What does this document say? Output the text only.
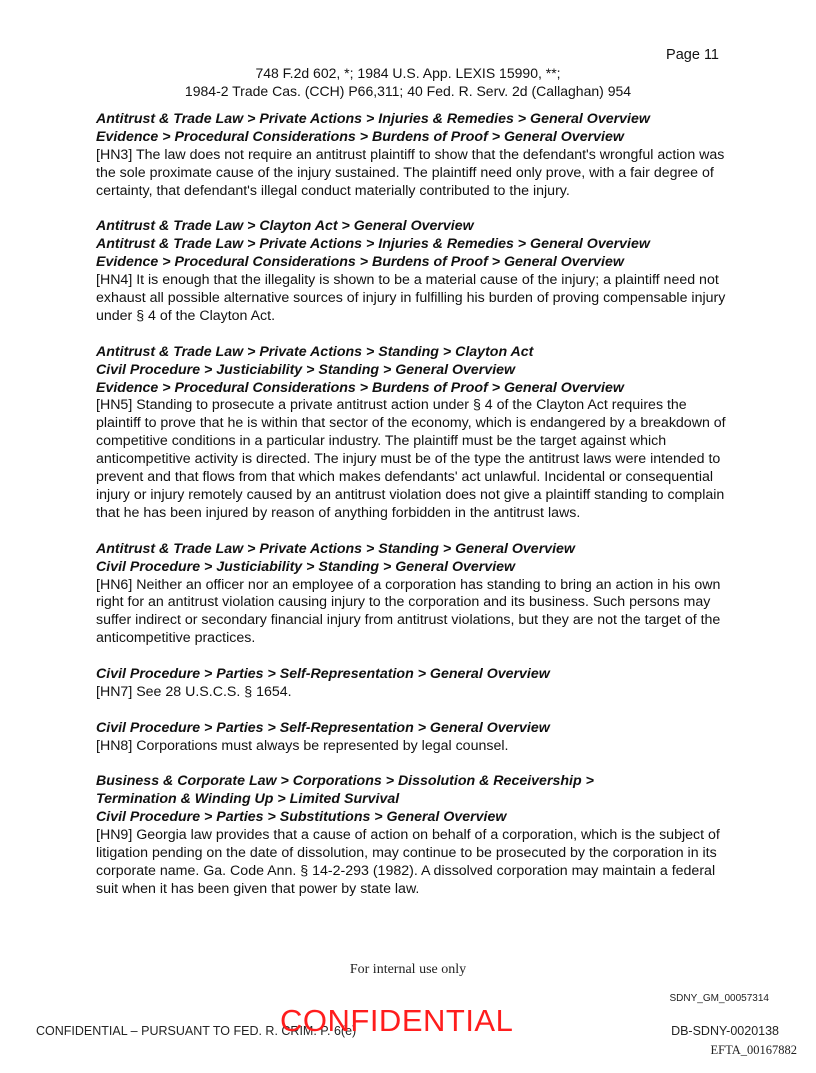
Page 11
748 F.2d 602, *; 1984 U.S. App. LEXIS 15990, **;
1984-2 Trade Cas. (CCH) P66,311; 40 Fed. R. Serv. 2d (Callaghan) 954
Antitrust & Trade Law > Private Actions > Injuries & Remedies > General Overview
Evidence > Procedural Considerations > Burdens of Proof > General Overview

[HN3] The law does not require an antitrust plaintiff to show that the defendant's wrongful action was the sole proximate cause of the injury sustained. The plaintiff need only prove, with a fair degree of certainty, that defendant's illegal conduct materially contributed to the injury.

Antitrust & Trade Law > Clayton Act > General Overview
Antitrust & Trade Law > Private Actions > Injuries & Remedies > General Overview
Evidence > Procedural Considerations > Burdens of Proof > General Overview

[HN4] It is enough that the illegality is shown to be a material cause of the injury; a plaintiff need not exhaust all possible alternative sources of injury in fulfilling his burden of proving compensable injury under § 4 of the Clayton Act.

Antitrust & Trade Law > Private Actions > Standing > Clayton Act
Civil Procedure > Justiciability > Standing > General Overview
Evidence > Procedural Considerations > Burdens of Proof > General Overview

[HN5] Standing to prosecute a private antitrust action under § 4 of the Clayton Act requires the plaintiff to prove that he is within that sector of the economy, which is endangered by a breakdown of competitive conditions in a particular industry. The plaintiff must be the target against which anticompetitive activity is directed. The injury must be of the type the antitrust laws were intended to prevent and that flows from that which makes defendants' act unlawful. Incidental or consequential injury or injury remotely caused by an antitrust violation does not give a plaintiff standing to complain that he has been injured by reason of anything forbidden in the antitrust laws.

Antitrust & Trade Law > Private Actions > Standing > General Overview
Civil Procedure > Justiciability > Standing > General Overview

[HN6] Neither an officer nor an employee of a corporation has standing to bring an action in his own right for an antitrust violation causing injury to the corporation and its business. Such persons may suffer indirect or secondary financial injury from antitrust violations, but they are not the target of the anticompetitive practices.

Civil Procedure > Parties > Self-Representation > General Overview

[HN7] See 28 U.S.C.S. § 1654.

Civil Procedure > Parties > Self-Representation > General Overview

[HN8] Corporations must always be represented by legal counsel.

Business & Corporate Law > Corporations > Dissolution & Receivership >
Termination & Winding Up > Limited Survival
Civil Procedure > Parties > Substitutions > General Overview

[HN9] Georgia law provides that a cause of action on behalf of a corporation, which is the subject of litigation pending on the date of dissolution, may continue to be prosecuted by the corporation in its corporate name. Ga. Code Ann. § 14-2-293 (1982). A dissolved corporation may maintain a federal suit when it has been given that power by state law.

For internal use only
SDNY_GM_00057314
CONFIDENTIAL – PURSUANT TO FED. R. CRIM. P. 6(e)
CONFIDENTIAL	DB-SDNY-0020138
EFTA_00167882
